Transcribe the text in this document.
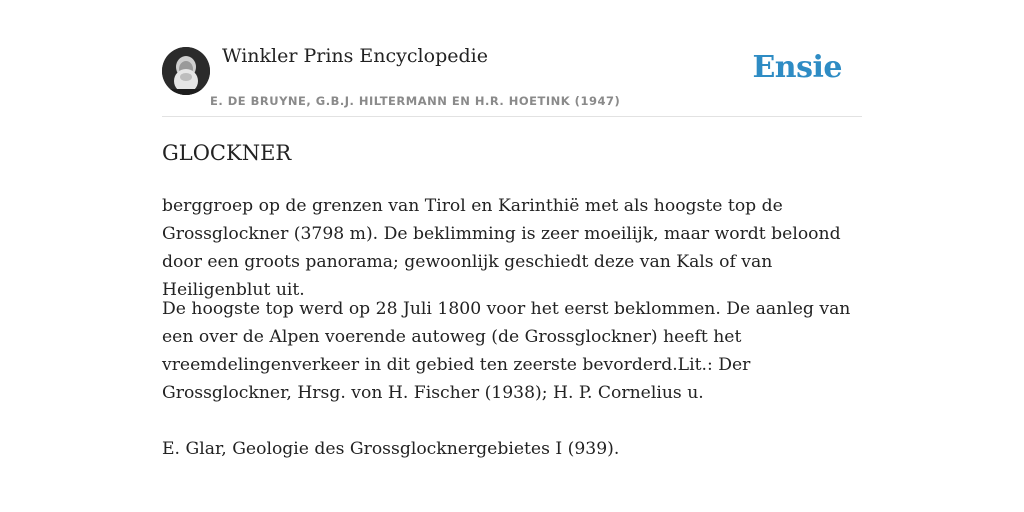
Winkler Prins Encyclopedie
E. DE BRUYNE, G.B.J. HILTERMANN EN H.R. HOETINK (1947)
Ensie
GLOCKNER

berggroep op de grenzen van Tirol en Karinthië met als hoogste top de Grossglockner (3798 m). De beklimming is zeer moeilijk, maar wordt beloond door een groots panorama; gewoonlijk geschiedt deze van Kals of van Heiligenblut uit.

De hoogste top werd op 28 Juli 1800 voor het eerst beklommen. De aanleg van een over de Alpen voerende autoweg (de Grossglockner) heeft het vreemdelingenverkeer in dit gebied ten zeerste bevorderd.Lit.: Der Grossglockner, Hrsg. von H. Fischer (1938); H. P. Cornelius u.

E. Glar, Geologie des Grossglocknergebietes I (939).
